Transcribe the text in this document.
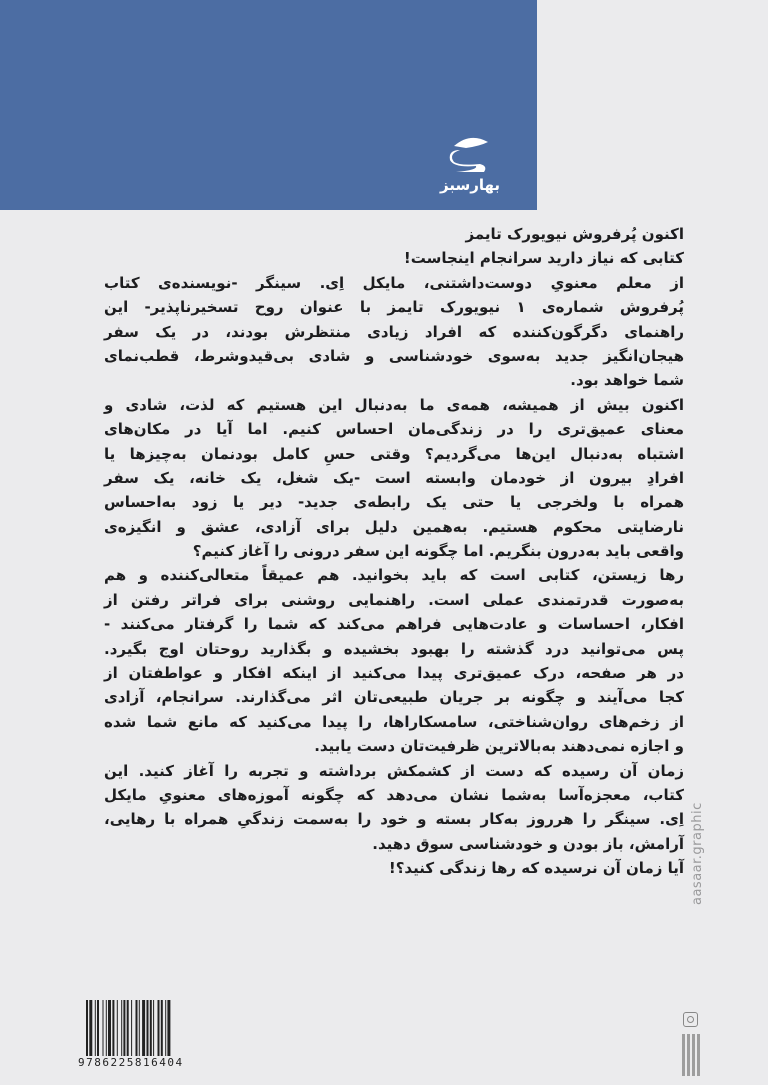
بهارسبز
اکنون پُرفروش نیویورک تایمز
کتابی که نیاز دارید سرانجام اینجاست!
از معلم معنویِ دوست‌داشتنی، مایکل اِی. سینگر -نویسنده‌ی کتاب
پُرفروش شماره‌ی ۱ نیویورک تایمز با عنوان روح تسخیرناپذیر- این
راهنمای دگرگون‌کننده که افراد زیادی منتظرش بودند، در یک سفر
هیجان‌انگیز جدید به‌سوی خودشناسی و شادی بی‌قیدوشرط، قطب‌نمای
شما خواهد بود.
اکنون بیش از همیشه، همه‌ی ما به‌دنبال این هستیم که لذت، شادی و
معنای عمیق‌تری را در زندگی‌مان احساس کنیم. اما آیا در مکان‌های
اشتباه به‌دنبال این‌ها می‌گردیم؟ وقتی حسِ کامل بودنمان به‌چیزها یا
افرادِ بیرون از خودمان وابسته است -یک شغل، یک خانه، یک سفر
همراه با ولخرجی یا حتی یک رابطه‌ی جدید- دیر یا زود به‌احساس
نارضایتی محکوم هستیم. به‌همین دلیل برای آزادی، عشق و انگیزه‌ی
واقعی باید به‌درون بنگریم. اما چگونه این سفر درونی را آغاز کنیم؟
رها زیستن، کتابی است که باید بخوانید. هم عمیقاً متعالی‌کننده و هم
به‌صورت قدرتمندی عملی است. راهنمایی روشنی برای فراتر رفتن از
افکار، احساسات و عادت‌هایی فراهم می‌کند که شما را گرفتار می‌کنند -
پس می‌توانید درد گذشته را بهبود بخشیده و بگذارید روحتان اوج بگیرد.
در هر صفحه، درک عمیق‌تری پیدا می‌کنید از اینکه افکار و عواطفتان از
کجا می‌آیند و چگونه بر جریان طبیعی‌تان اثر می‌گذارند. سرانجام، آزادی
از زخم‌های روان‌شناختی، سامسکاراها، را پیدا می‌کنید که مانع شما شده
و اجازه نمی‌دهند به‌بالاترین ظرفیت‌تان دست یابید.
زمان آن رسیده که دست از کشمکش برداشته و تجربه را آغاز کنید. این
کتاب، معجزه‌آسا به‌شما نشان می‌دهد که چگونه آموزه‌های معنویِ مایکل
اِی. سینگر را هرروز به‌کار بسته و خود را به‌سمت زندگیِ همراه با رهایی،
آرامش، باز بودن و خودشناسی سوق دهید.
آیا زمان آن نرسیده که رها زندگی کنید؟!
9786225816404
aasaar.graphic
